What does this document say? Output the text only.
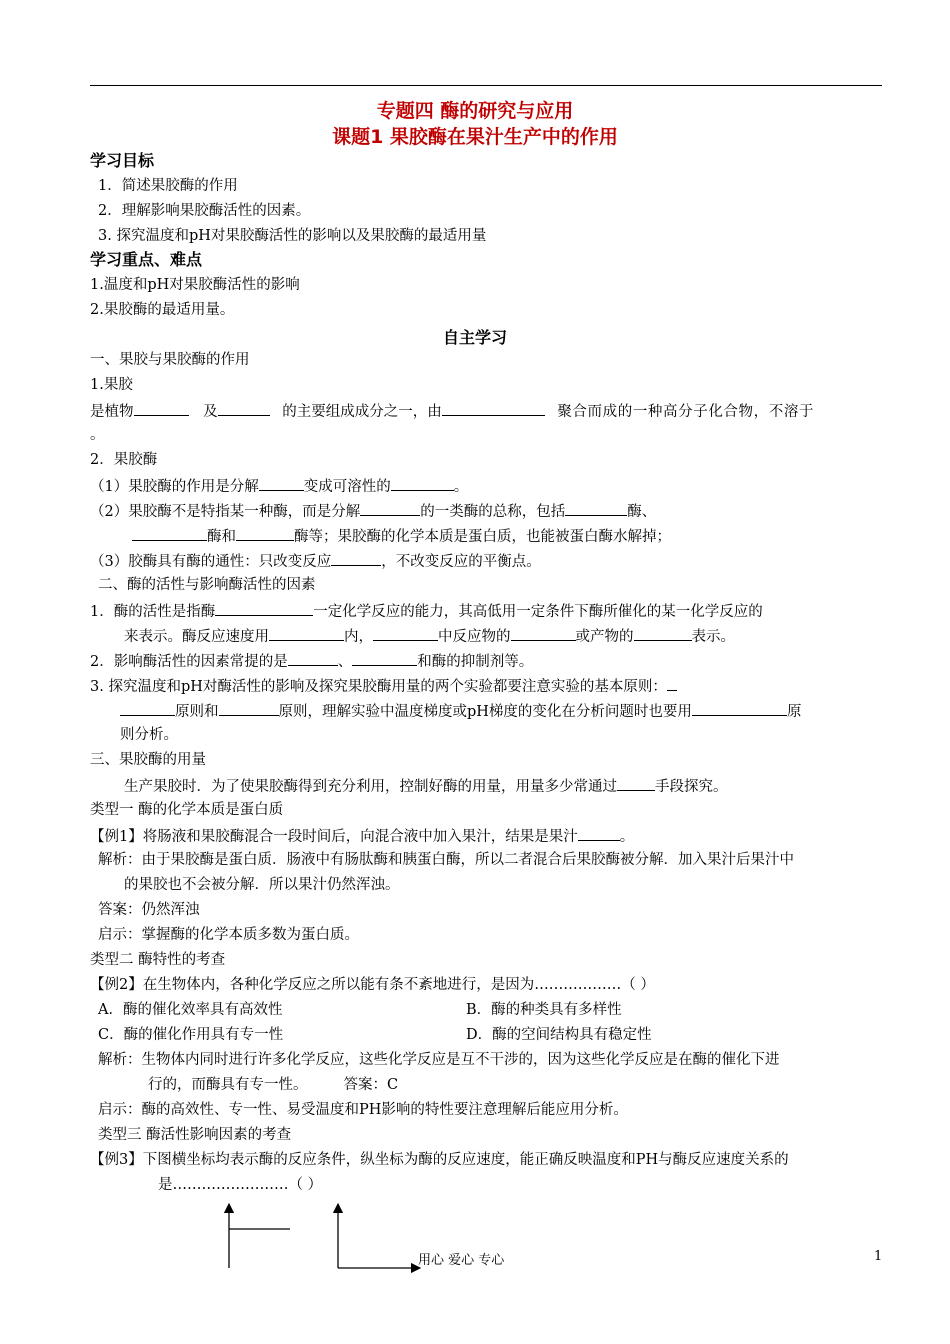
专题四 酶的研究与应用
课题1 果胶酶在果汁生产中的作用
学习目标
1．简述果胶酶的作用
2．理解影响果胶酶活性的因素。
3. 探究温度和pH对果胶酶活性的影响以及果胶酶的最适用量
学习重点、难点
1.温度和pH对果胶酶活性的影响
2.果胶酶的最适用量。
自主学习
一、果胶与果胶酶的作用
1.果胶
是植物	及	的主要组成成分之一，由	聚合而成的一种高分子化合物，不溶于
。
2．果胶酶
（1）果胶酶的作用是分解	变成可溶性的	。
（2）果胶酶不是特指某一种酶，而是分解	的一类酶的总称，包括	酶、
酶和	酶等；果胶酶的化学本质是蛋白质，也能被蛋白酶水解掉；
（3）胶酶具有酶的通性：只改变反应	，不改变反应的平衡点。
二、酶的活性与影响酶活性的因素
1．酶的活性是指酶	一定化学反应的能力，其高低用一定条件下酶所催化的某一化学反应的
来表示。酶反应速度用	内，	中反应物的	或产物的	表示。
2．影响酶活性的因素常提的是	、	和酶的抑制剂等。
3. 探究温度和pH对酶活性的影响及探究果胶酶用量的两个实验都要注意实验的基本原则：
原则和	原则，理解实验中温度梯度或pH梯度的变化在分析问题时也要用	原
则分析。
三、果胶酶的用量
生产果胶时．为了使果胶酶得到充分利用，控制好酶的用量，用量多少常通过	手段探究。
类型一 酶的化学本质是蛋白质
【例1】将肠液和果胶酶混合一段时间后，向混合液中加入果汁，结果是果汁	。
解析：由于果胶酶是蛋白质．肠液中有肠肽酶和胰蛋白酶，所以二者混合后果胶酶被分解．加入果汁后果汁中
的果胶也不会被分解．所以果汁仍然浑浊。
答案：仍然浑浊
启示：掌握酶的化学本质多数为蛋白质。
类型二 酶特性的考查
【例2】在生物体内，各种化学反应之所以能有条不紊地进行，是因为………………（ ）
A．酶的催化效率具有高效性	B．酶的种类具有多样性
C．酶的催化作用具有专一性	D．酶的空间结构具有稳定性
解析：生物体内同时进行许多化学反应，这些化学反应是互不干涉的，因为这些化学反应是在酶的催化下进
行的，而酶具有专一性。 答案：C
启示：酶的高效性、专一性、易受温度和PH影响的特性要注意理解后能应用分析。
类型三 酶活性影响因素的考查
【例3】下图横坐标均表示酶的反应条件，纵坐标为酶的反应速度，能正确反映温度和PH与酶反应速度关系的
是……………………（ ）
用心 爱心 专心	1
